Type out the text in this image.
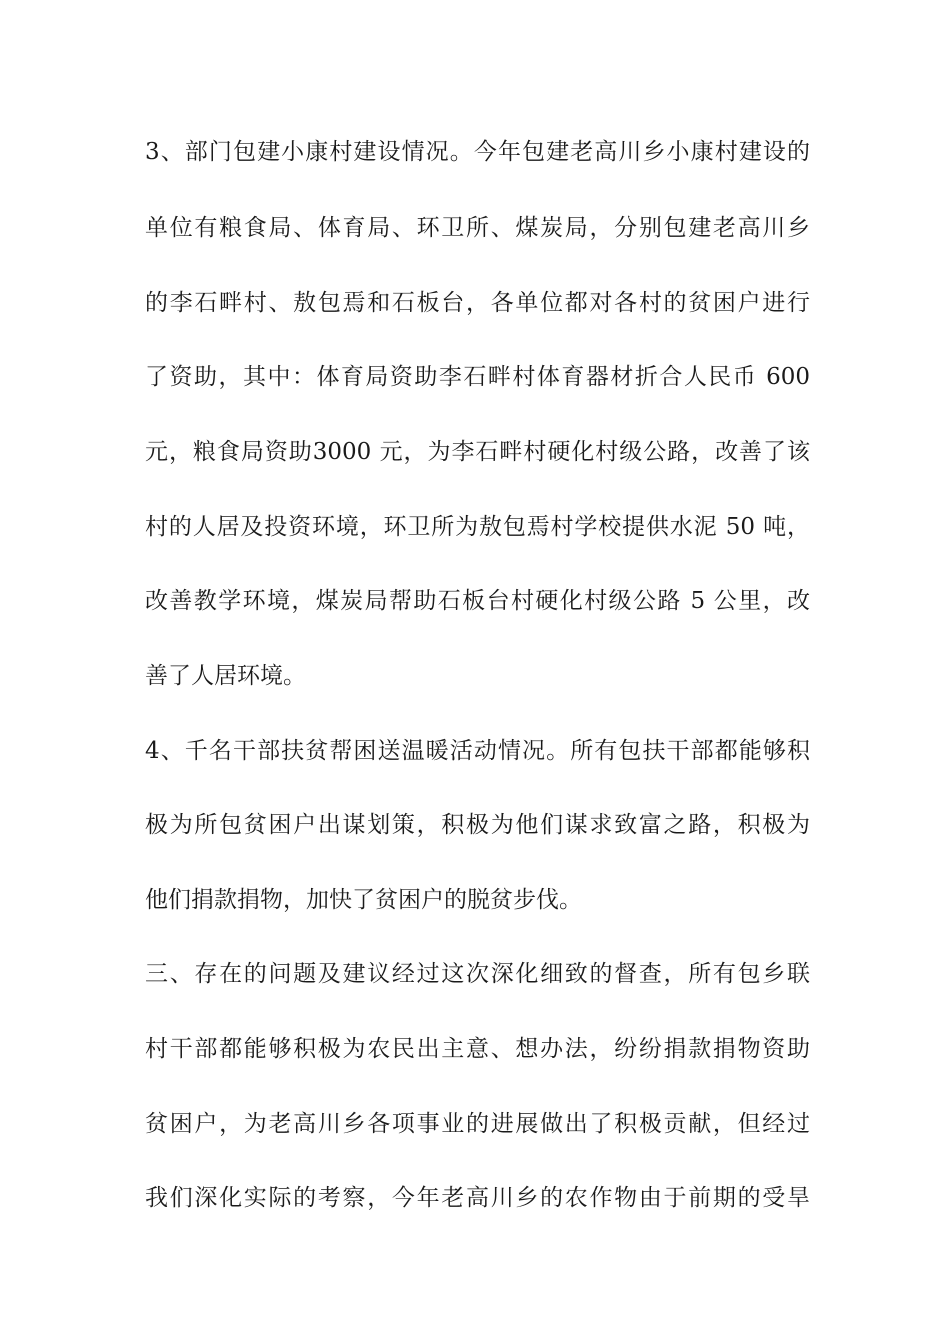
3、部门包建小康村建设情况。今年包建老高川乡小康村建设的
单位有粮食局、体育局、环卫所、煤炭局，分别包建老高川乡
的李石畔村、敖包焉和石板台，各单位都对各村的贫困户进行
了资助，其中：体育局资助李石畔村体育器材折合人民币 600
元，粮食局资助3000 元，为李石畔村硬化村级公路，改善了该
村的人居及投资环境，环卫所为敖包焉村学校提供水泥 50 吨，
改善教学环境，煤炭局帮助石板台村硬化村级公路 5 公里，改
善了人居环境。
4、千名干部扶贫帮困送温暖活动情况。所有包扶干部都能够积
极为所包贫困户出谋划策，积极为他们谋求致富之路，积极为
他们捐款捐物，加快了贫困户的脱贫步伐。
三、存在的问题及建议经过这次深化细致的督查，所有包乡联
村干部都能够积极为农民出主意、想办法，纷纷捐款捐物资助
贫困户，为老高川乡各项事业的进展做出了积极贡献，但经过
我们深化实际的考察，今年老高川乡的农作物由于前期的受旱
